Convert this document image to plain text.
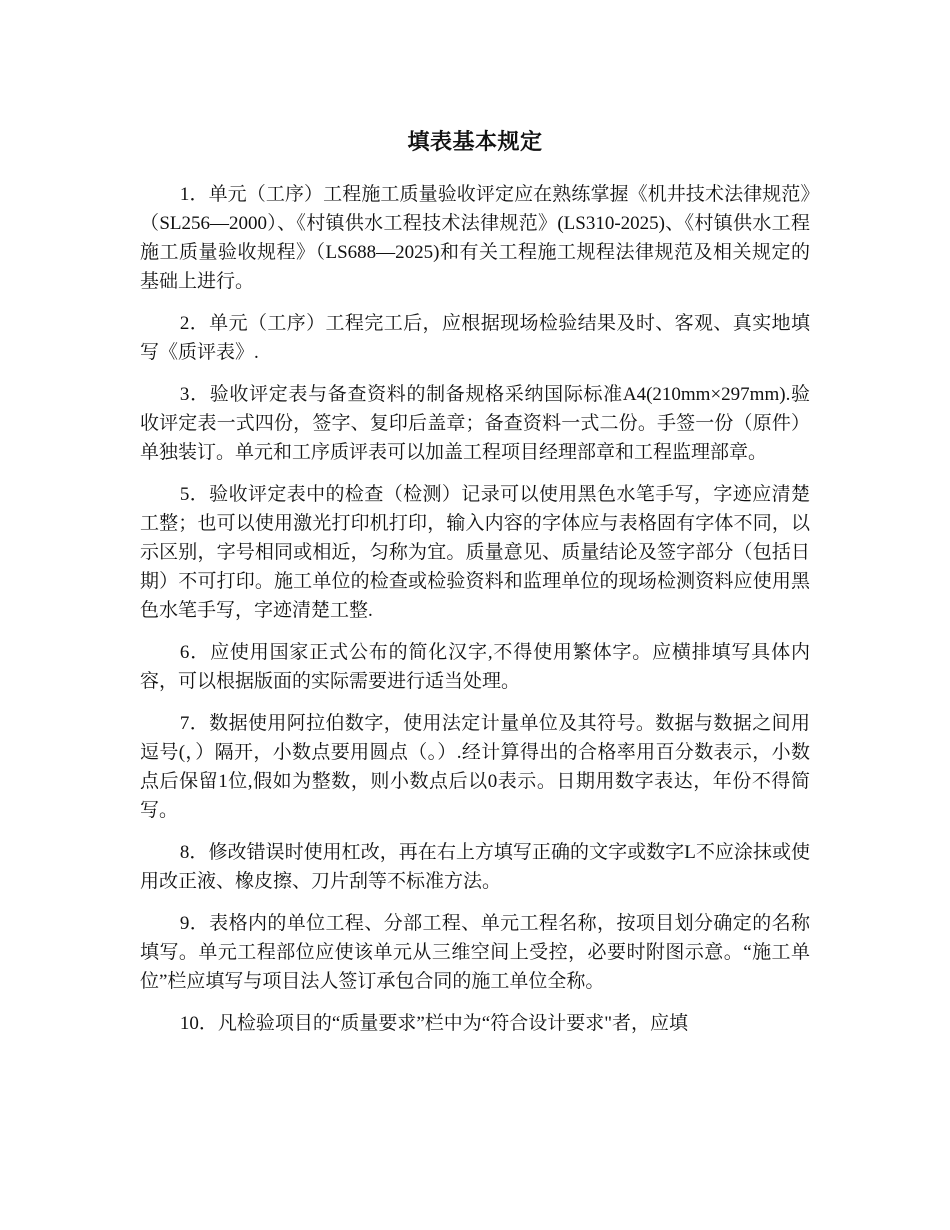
填表基本规定

1．单元（工序）工程施工质量验收评定应在熟练掌握《机井技术法律规范》（SL256—2000）、《村镇供水工程技术法律规范》(LS310-2025)、《村镇供水工程施工质量验收规程》（LS688—2025)和有关工程施工规程法律规范及相关规定的基础上进行。

2．单元（工序）工程完工后，应根据现场检验结果及时、客观、真实地填写《质评表》.

3．验收评定表与备查资料的制备规格采纳国际标准A4(210mm×297mm).验收评定表一式四份，签字、复印后盖章；备查资料一式二份。手签一份（原件）单独装订。单元和工序质评表可以加盖工程项目经理部章和工程监理部章。

5．验收评定表中的检查（检测）记录可以使用黑色水笔手写，字迹应清楚工整；也可以使用激光打印机打印，输入内容的字体应与表格固有字体不同，以示区别，字号相同或相近，匀称为宜。质量意见、质量结论及签字部分（包括日期）不可打印。施工单位的检查或检验资料和监理单位的现场检测资料应使用黑色水笔手写，字迹清楚工整.

6．应使用国家正式公布的简化汉字,不得使用繁体字。应横排填写具体内容，可以根据版面的实际需要进行适当处理。

7．数据使用阿拉伯数字，使用法定计量单位及其符号。数据与数据之间用逗号(，）隔开，小数点要用圆点（。）.经计算得出的合格率用百分数表示，小数点后保留1位,假如为整数，则小数点后以0表示。日期用数字表达，年份不得简写。

8．修改错误时使用杠改，再在右上方填写正确的文字或数字L不应涂抹或使用改正液、橡皮擦、刀片刮等不标准方法。

9．表格内的单位工程、分部工程、单元工程名称，按项目划分确定的名称填写。单元工程部位应使该单元从三维空间上受控，必要时附图示意。“施工单位”栏应填写与项目法人签订承包合同的施工单位全称。

10．凡检验项目的“质量要求”栏中为“符合设计要求"者，应填
